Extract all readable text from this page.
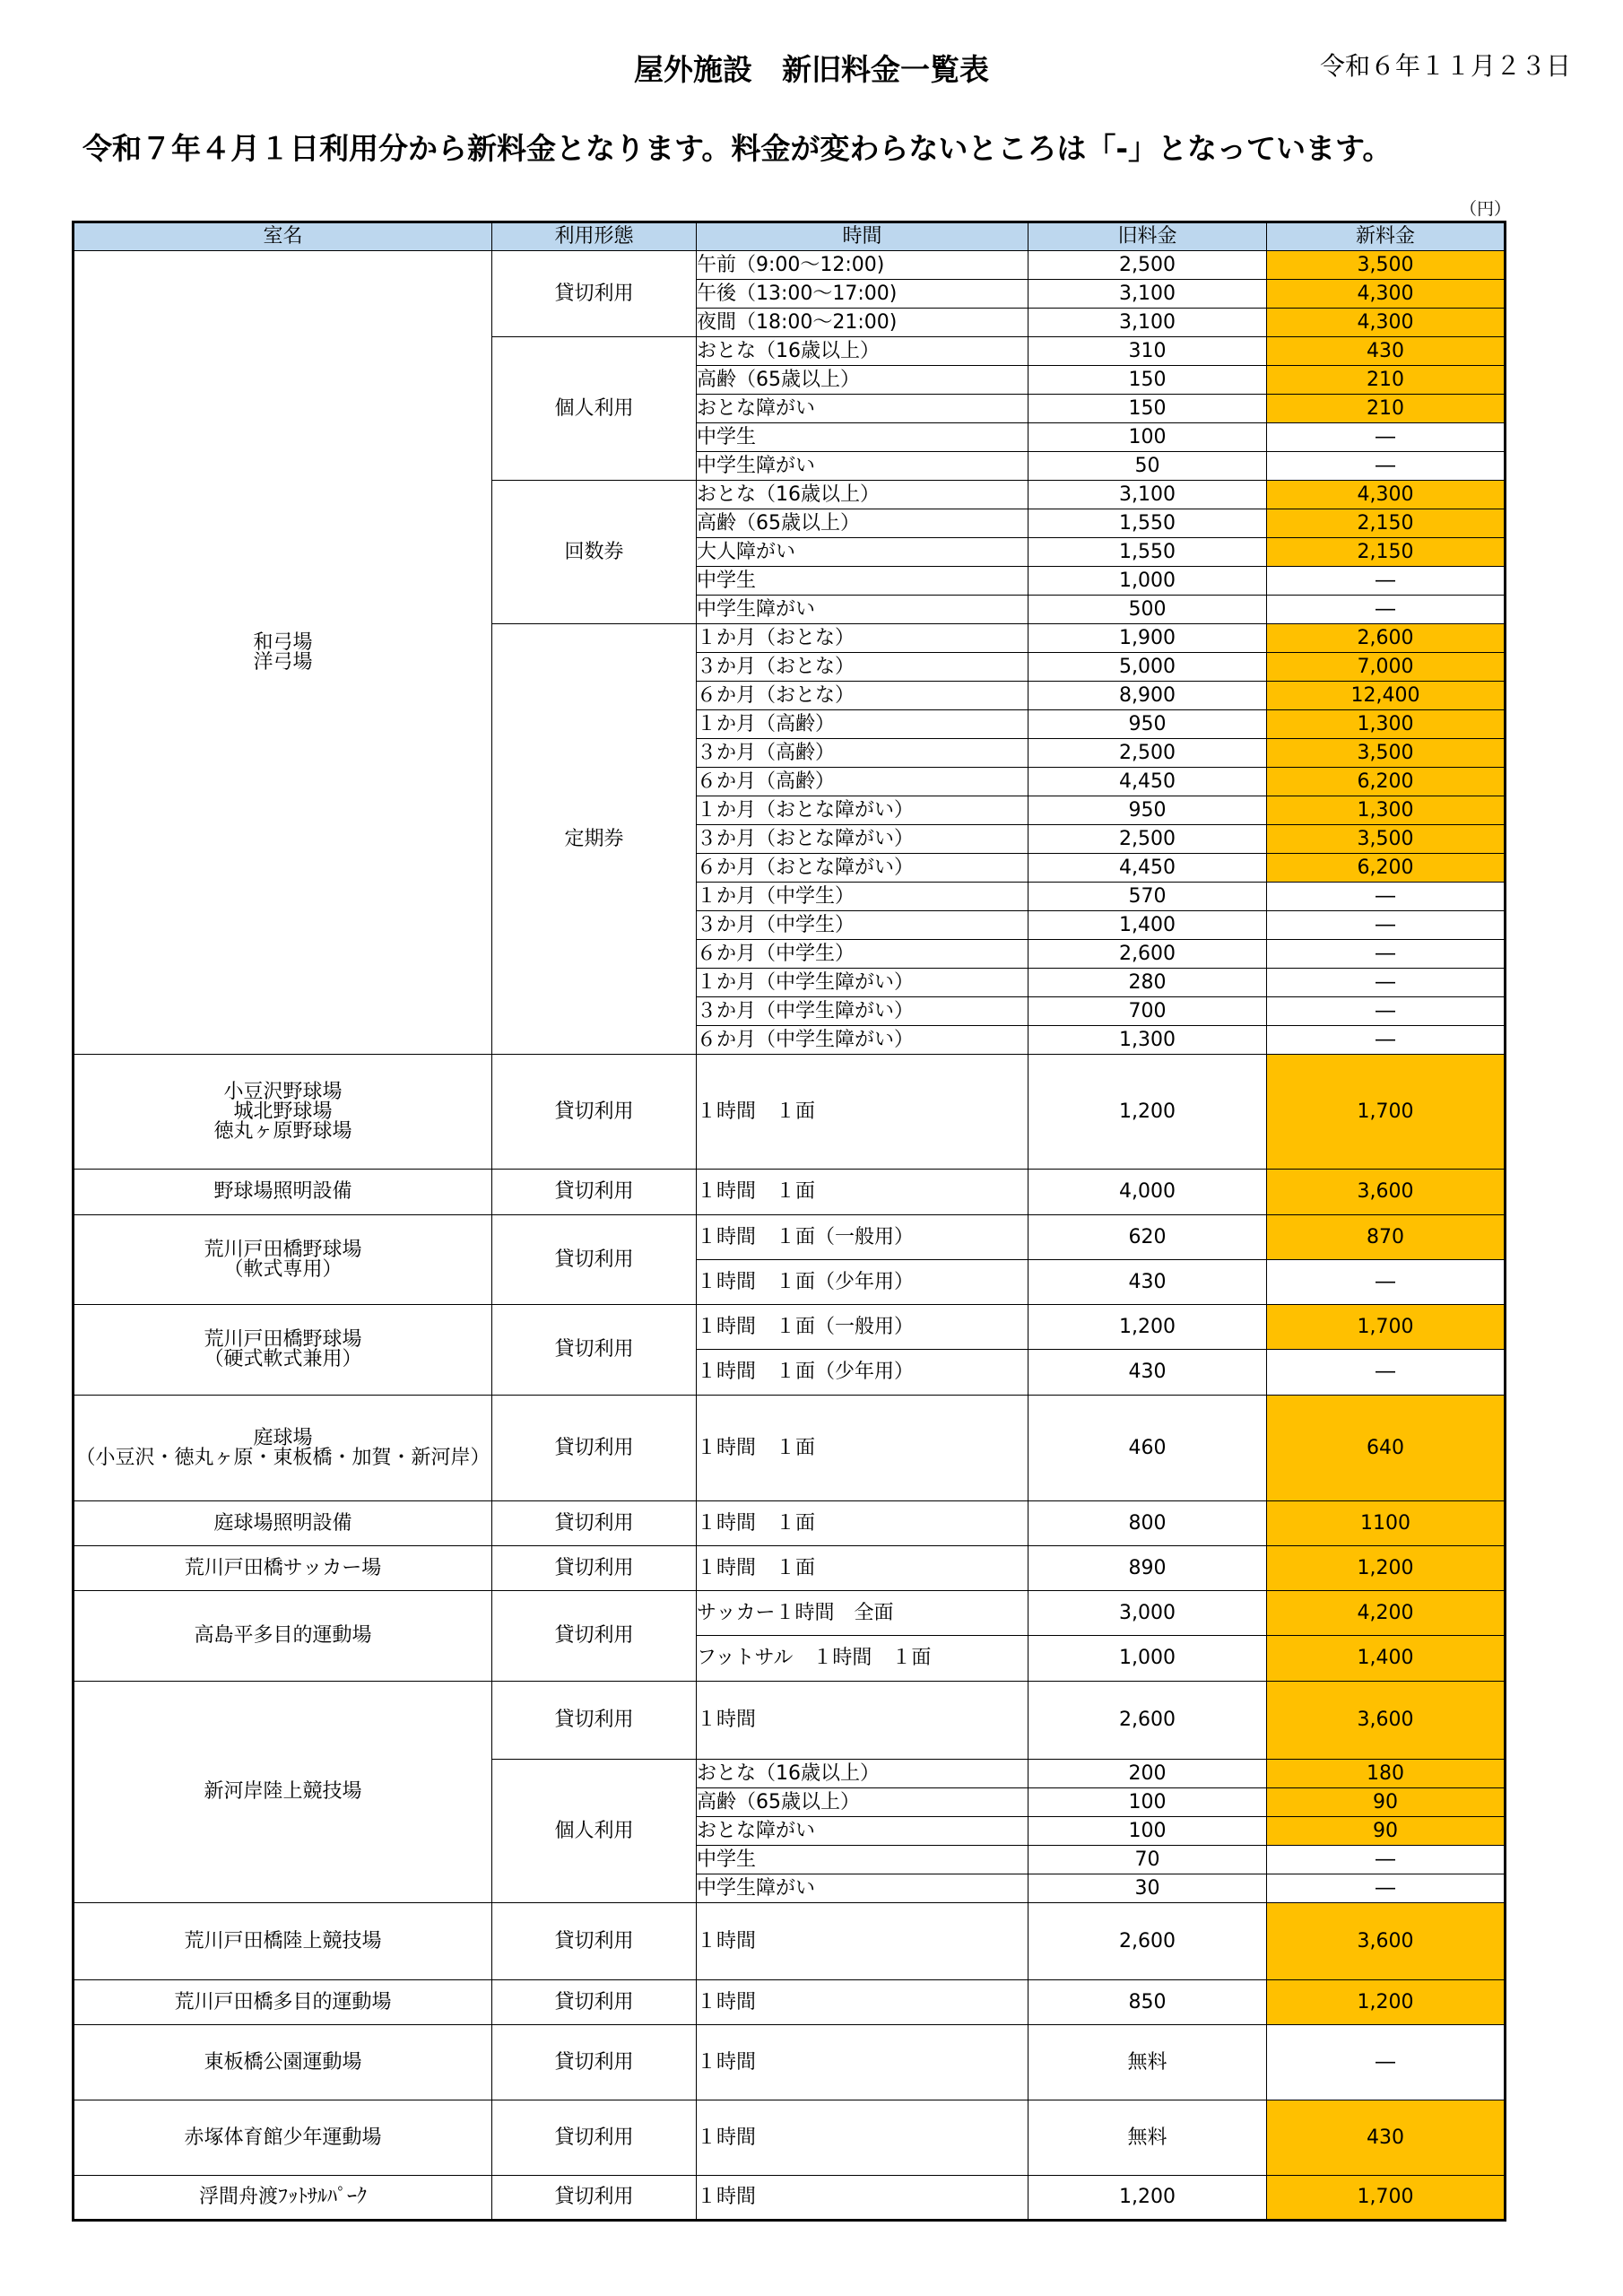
屋外施設　新旧料金一覧表	令和６年１１月２３日
令和７年４月１日利用分から新料金となります。料金が変わらないところは「-」となっています。
（円）
室名	利用形態	時間	旧料金	新料金
和弓場
洋弓場	貸切利用	午前（9:00～12:00)	2,500	3,500
		午後（13:00～17:00)	3,100	4,300
		夜間（18:00～21:00)	3,100	4,300
	個人利用	おとな（16歳以上）	310	430
		高齢（65歳以上）	150	210
		おとな障がい	150	210
		中学生	100	―
		中学生障がい	50	―
	回数券	おとな（16歳以上）	3,100	4,300
		高齢（65歳以上）	1,550	2,150
		大人障がい	1,550	2,150
		中学生	1,000	―
		中学生障がい	500	―
	定期券	１か月（おとな）	1,900	2,600
		３か月（おとな）	5,000	7,000
		６か月（おとな）	8,900	12,400
		１か月（高齢）	950	1,300
		３か月（高齢）	2,500	3,500
		６か月（高齢）	4,450	6,200
		１か月（おとな障がい）	950	1,300
		３か月（おとな障がい）	2,500	3,500
		６か月（おとな障がい）	4,450	6,200
		１か月（中学生）	570	―
		３か月（中学生）	1,400	―
		６か月（中学生）	2,600	―
		１か月（中学生障がい）	280	―
		３か月（中学生障がい）	700	―
		６か月（中学生障がい）	1,300	―
小豆沢野球場
城北野球場
徳丸ヶ原野球場	貸切利用	１時間　１面	1,200	1,700
野球場照明設備	貸切利用	１時間　１面	4,000	3,600
荒川戸田橋野球場
（軟式専用）	貸切利用	１時間　１面（一般用）	620	870
		１時間　１面（少年用）	430	―
荒川戸田橋野球場
（硬式軟式兼用）	貸切利用	１時間　１面（一般用）	1,200	1,700
		１時間　１面（少年用）	430	―
庭球場
（小豆沢・徳丸ヶ原・東板橋・加賀・新河岸）	貸切利用	１時間　１面	460	640
庭球場照明設備	貸切利用	１時間　１面	800	1100
荒川戸田橋サッカー場	貸切利用	１時間　１面	890	1,200
高島平多目的運動場	貸切利用	サッカー１時間　全面	3,000	4,200
		フットサル　１時間　１面	1,000	1,400
新河岸陸上競技場	貸切利用	１時間	2,600	3,600
	個人利用	おとな（16歳以上）	200	180
		高齢（65歳以上）	100	90
		おとな障がい	100	90
		中学生	70	―
		中学生障がい	30	―
荒川戸田橋陸上競技場	貸切利用	１時間	2,600	3,600
荒川戸田橋多目的運動場	貸切利用	１時間	850	1,200
東板橋公園運動場	貸切利用	１時間	無料	―
赤塚体育館少年運動場	貸切利用	１時間	無料	430
浮間舟渡ﾌｯﾄｻﾙﾊﾟｰｸ	貸切利用	１時間	1,200	1,700
